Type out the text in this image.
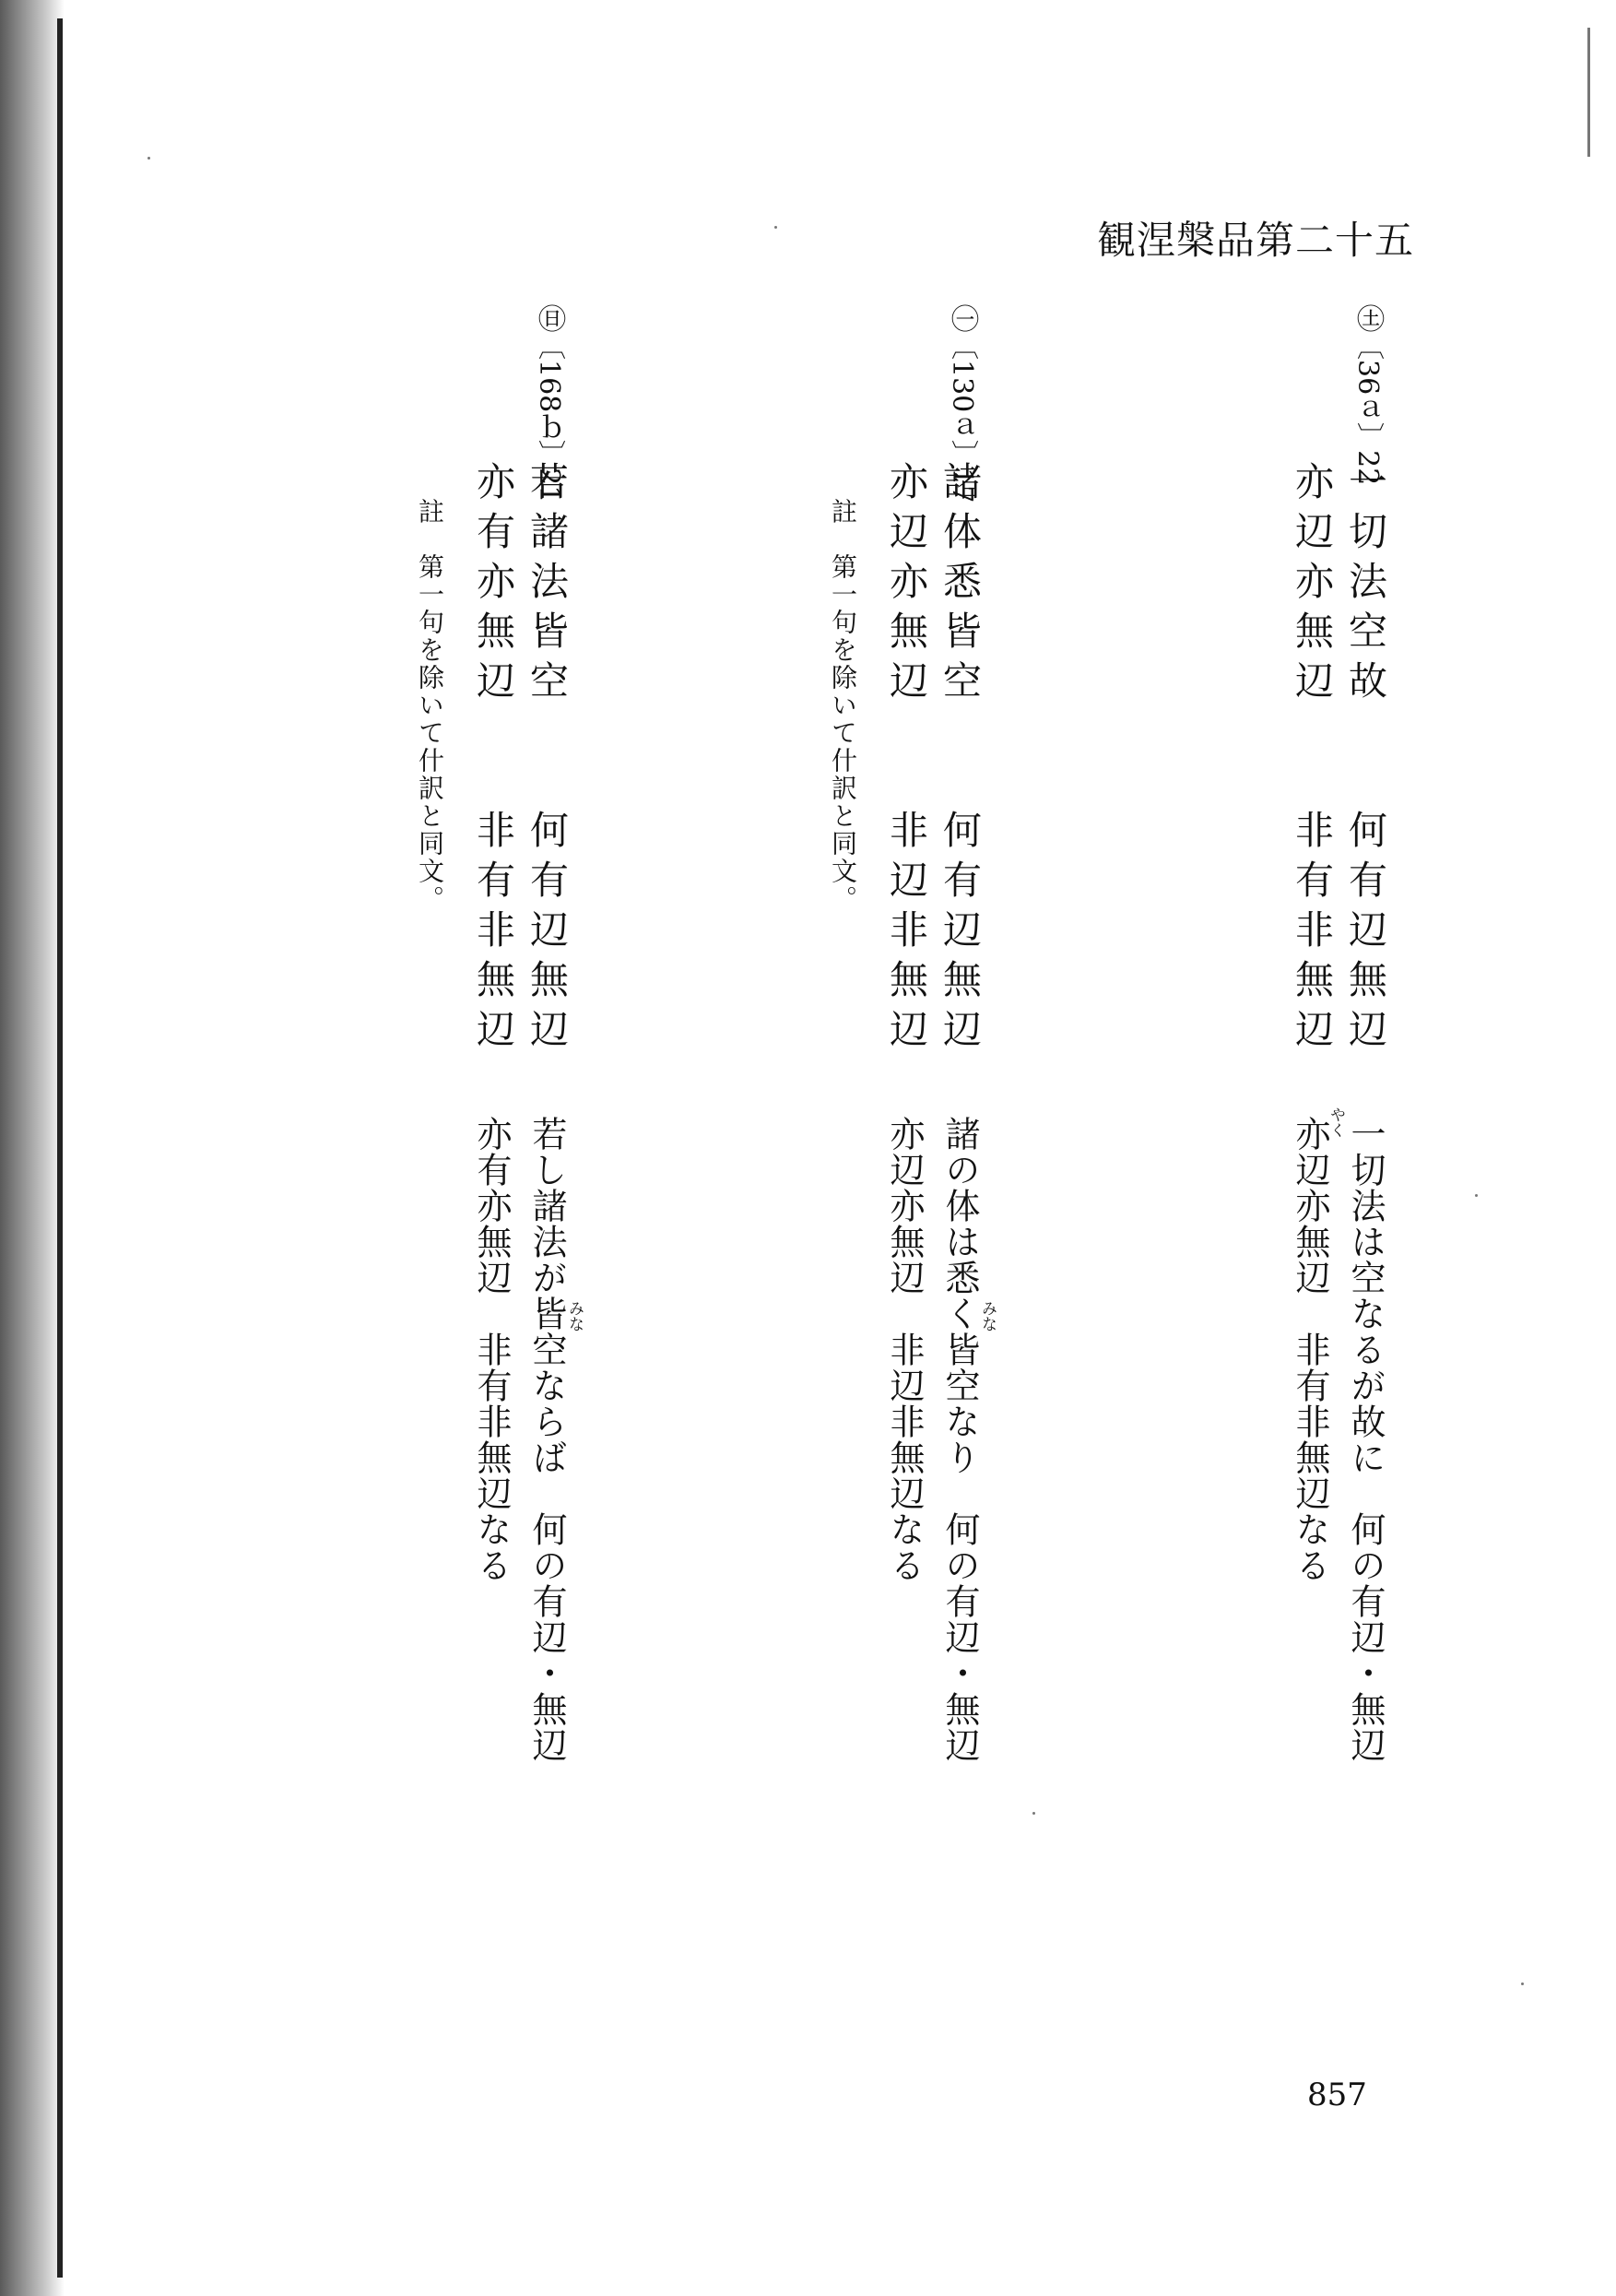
観涅槃品第二十五
㊏〔36ａ〕22
一切法空故　　何有辺無辺
亦辺亦無辺　　非有非無辺
一切法は空なるが故に　何の有辺・無辺
亦辺亦無辺　非有非無辺なる
やく
㊀〔130ａ〕17
諸体悉皆空　　何有辺無辺
亦辺亦無辺　　非辺非無辺
註　第一句を除いて什訳と同文。
諸の体は悉く皆空なり　何の有辺・無辺
亦辺亦無辺　非辺非無辺なる	みな
㊐〔168ｂ〕21
若諸法皆空　　何有辺無辺
亦有亦無辺　　非有非無辺
註　第一句を除いて什訳と同文。
若し諸法が皆空ならば　何の有辺・無辺
亦有亦無辺　非有非無辺なる	みな
857
